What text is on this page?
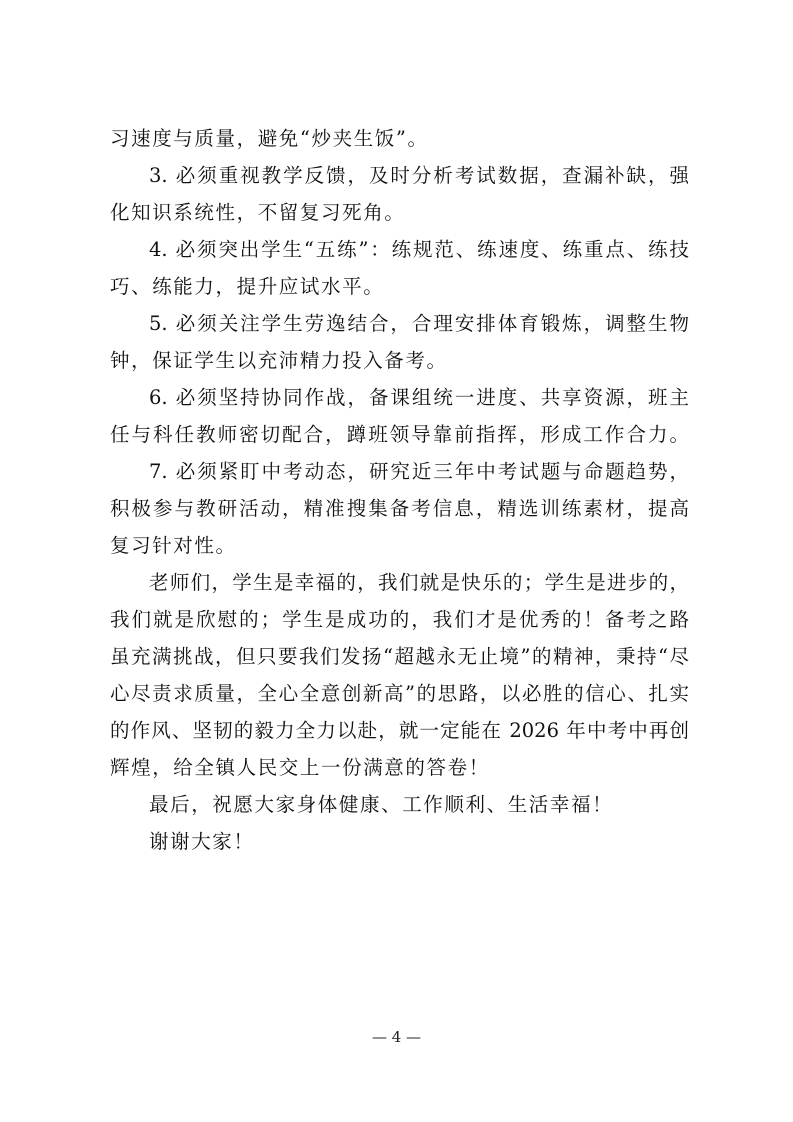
习速度与质量，避免“炒夹生饭”。
3. 必须重视教学反馈，及时分析考试数据，查漏补缺，强
化知识系统性，不留复习死角。
4. 必须突出学生“五练”：练规范、练速度、练重点、练技
巧、练能力，提升应试水平。
5. 必须关注学生劳逸结合，合理安排体育锻炼，调整生物
钟，保证学生以充沛精力投入备考。
6. 必须坚持协同作战，备课组统一进度、共享资源，班主
任与科任教师密切配合，蹲班领导靠前指挥，形成工作合力。
7. 必须紧盯中考动态，研究近三年中考试题与命题趋势，
积极参与教研活动，精准搜集备考信息，精选训练素材，提高
复习针对性。
老师们，学生是幸福的，我们就是快乐的；学生是进步的，
我们就是欣慰的；学生是成功的，我们才是优秀的！备考之路
虽充满挑战，但只要我们发扬“超越永无止境”的精神，秉持“尽
心尽责求质量，全心全意创新高”的思路，以必胜的信心、扎实
的作风、坚韧的毅力全力以赴，就一定能在 2026 年中考中再创
辉煌，给全镇人民交上一份满意的答卷！
最后，祝愿大家身体健康、工作顺利、生活幸福！
谢谢大家！
— 4 —
